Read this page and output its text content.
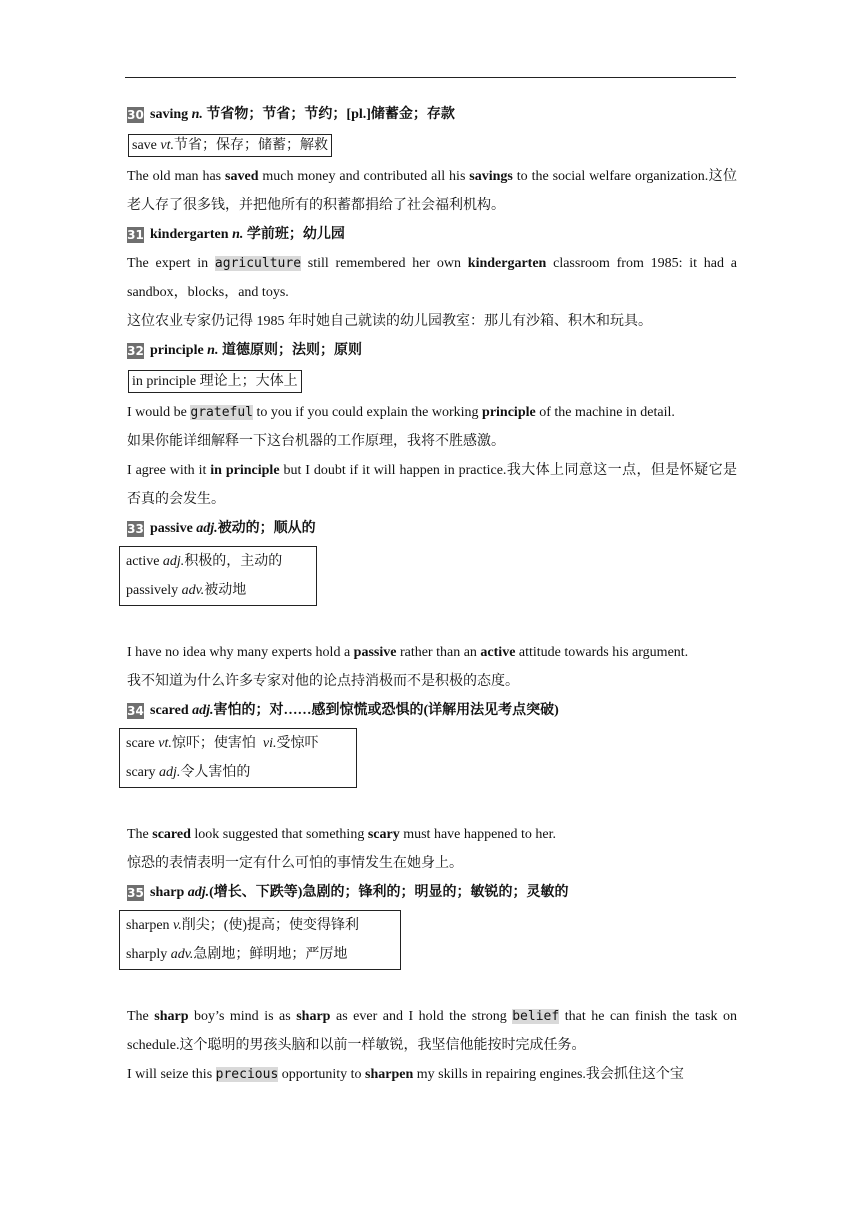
30 saving
n.
节省物；节省；节约；[pl.]储蓄金；存款
save vt.节省；保存；储蓄；解救

The old man has saved much money and contributed all his savings to the social welfare organization.这位老人存了很多钱，并把他所有的积蓄都捐给了社会福利机构。

31 kindergarten
n.
学前班；幼儿园

The expert in agriculture still remembered her own kindergarten classroom from 1985: it had a sandbox，blocks，and toys.

这位农业专家仍记得 1985 年时她自己就读的幼儿园教室：那儿有沙箱、积木和玩具。

32 principle
n.
道德原则；法则；原则
in principle 理论上；大体上

I would be grateful to you if you could explain the working principle of the machine in detail.

如果你能详细解释一下这台机器的工作原理，我将不胜感激。

I agree with it in principle but I doubt if it will happen in practice.我大体上同意这一点，但是怀疑它是否真的会发生。

33 passive
adj. 被动的；顺从的
active adj.积极的，主动的
passively adv.被动地

I have no idea why many experts hold a passive rather than an active attitude towards his argument.

我不知道为什么许多专家对他的论点持消极而不是积极的态度。

34 scared
adj. 害怕的；对……感到惊慌或恐惧的(详解用法见考点突破)
scare vt.惊吓；使害怕 vi.受惊吓
scary adj.令人害怕的

The scared look suggested that something scary must have happened to her.

惊恐的表情表明一定有什么可怕的事情发生在她身上。

35 sharp
adj. (增长、下跌等)急剧的；锋利的；明显的；敏锐的；灵敏的
sharpen v.削尖；(使)提高；使变得锋利
sharply adv.急剧地；鲜明地；严厉地

The sharp boy’s mind is as sharp as ever and I hold the strong belief that he can finish the task on schedule.这个聪明的男孩头脑和以前一样敏锐，我坚信他能按时完成任务。

I will seize this precious opportunity to sharpen my skills in repairing engines.我会抓住这个宝
